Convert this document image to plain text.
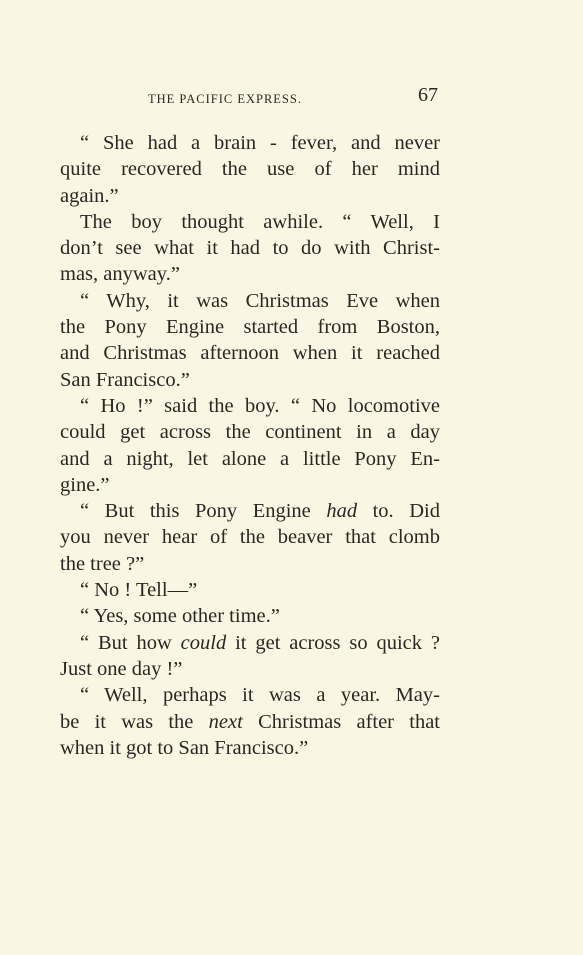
THE PACIFIC EXPRESS.	67
“ She had a brain - fever, and never
quite recovered the use of her mind
again.”
The boy thought awhile. “ Well, I
don’t see what it had to do with Christ-
mas, anyway.”
“ Why, it was Christmas Eve when
the Pony Engine started from Boston,
and Christmas afternoon when it reached
San Francisco.”
“ Ho !” said the boy. “ No locomotive
could get across the continent in a day
and a night, let alone a little Pony En-
gine.”
“ But this Pony Engine had to. Did
you never hear of the beaver that clomb
the tree ?”
“ No ! Tell—”
“ Yes, some other time.”
“ But how could it get across so quick ?
Just one day !”
“ Well, perhaps it was a year. May-
be it was the next Christmas after that
when it got to San Francisco.”
